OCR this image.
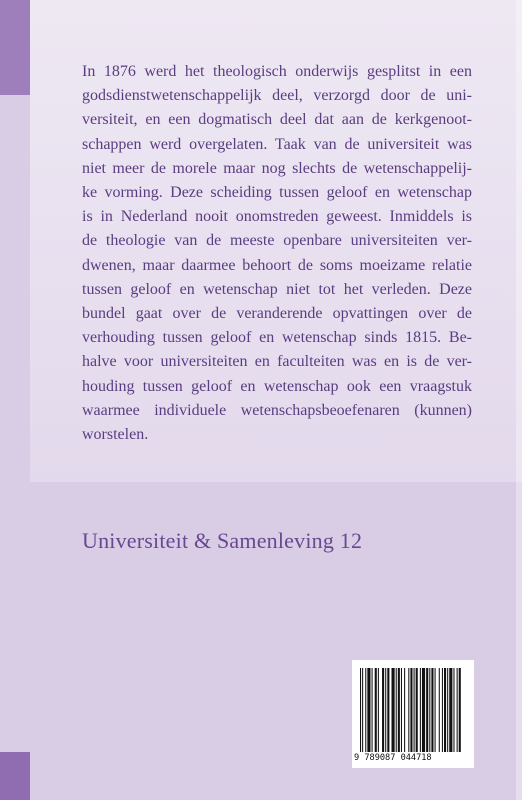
In 1876 werd het theologisch onderwijs gesplitst in een
godsdienstwetenschappelijk deel, verzorgd door de uni-
versiteit, en een dogmatisch deel dat aan de kerkgenoot-
schappen werd overgelaten. Taak van de universiteit was
niet meer de morele maar nog slechts de wetenschappelij-
ke vorming. Deze scheiding tussen geloof en wetenschap
is in Nederland nooit onomstreden geweest. Inmiddels is
de theologie van de meeste openbare universiteiten ver-
dwenen, maar daarmee behoort de soms moeizame relatie
tussen geloof en wetenschap niet tot het verleden. Deze
bundel gaat over de veranderende opvattingen over de
verhouding tussen geloof en wetenschap sinds 1815. Be-
halve voor universiteiten en faculteiten was en is de ver-
houding tussen geloof en wetenschap ook een vraagstuk
waarmee individuele wetenschapsbeoefenaren (kunnen)
worstelen.

Universiteit & Samenleving 12
9 789087 044718
